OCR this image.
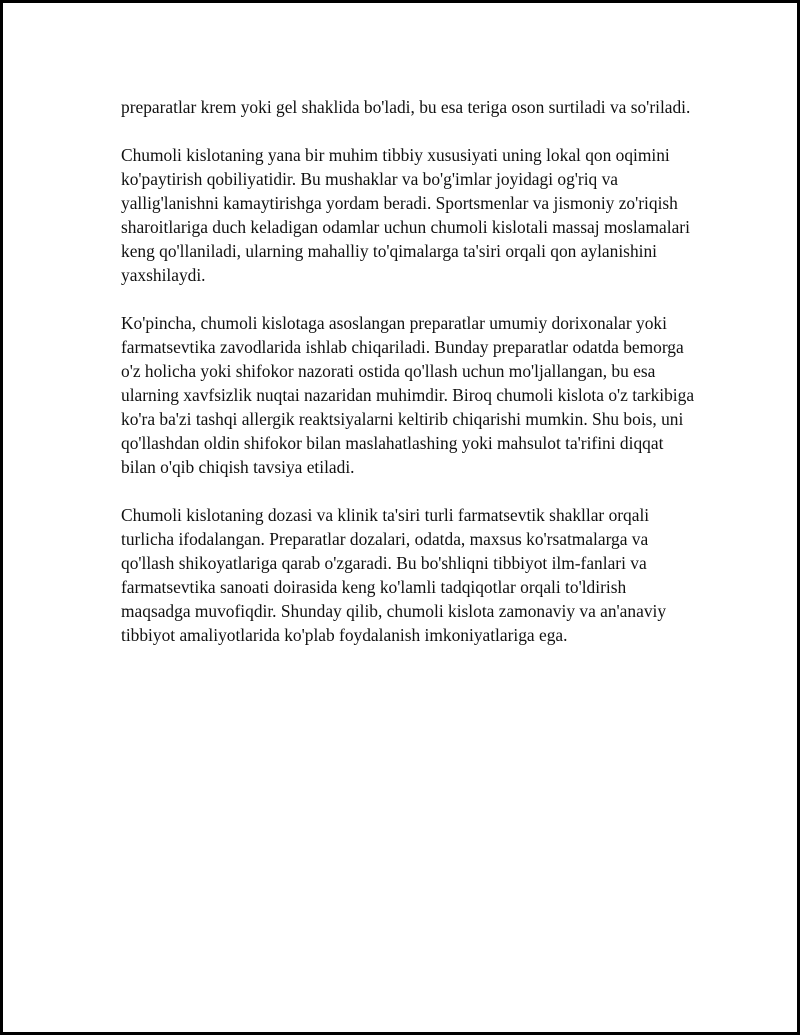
preparatlar krem yoki gel shaklida bo'ladi, bu esa teriga oson surtiladi va so'riladi.

Chumoli kislotaning yana bir muhim tibbiy xususiyati uning lokal qon oqimini ko'paytirish qobiliyatidir. Bu mushaklar va bo'g'imlar joyidagi og'riq va yallig'lanishni kamaytirishga yordam beradi. Sportsmenlar va jismoniy zo'riqish sharoitlariga duch keladigan odamlar uchun chumoli kislotali massaj moslamalari keng qo'llaniladi, ularning mahalliy to'qimalarga ta'siri orqali qon aylanishini yaxshilaydi.

Ko'pincha, chumoli kislotaga asoslangan preparatlar umumiy dorixonalar yoki farmatsevtika zavodlarida ishlab chiqariladi. Bunday preparatlar odatda bemorga o'z holicha yoki shifokor nazorati ostida qo'llash uchun mo'ljallangan, bu esa ularning xavfsizlik nuqtai nazaridan muhimdir. Biroq chumoli kislota o'z tarkibiga ko'ra ba'zi tashqi allergik reaktsiyalarni keltirib chiqarishi mumkin. Shu bois, uni qo'llashdan oldin shifokor bilan maslahatlashing yoki mahsulot ta'rifini diqqat bilan o'qib chiqish tavsiya etiladi.

Chumoli kislotaning dozasi va klinik ta'siri turli farmatsevtik shakllar orqali turlicha ifodalangan. Preparatlar dozalari, odatda, maxsus ko'rsatmalarga va qo'llash shikoyatlariga qarab o'zgaradi. Bu bo'shliqni tibbiyot ilm-fanlari va farmatsevtika sanoati doirasida keng ko'lamli tadqiqotlar orqali to'ldirish maqsadga muvofiqdir. Shunday qilib, chumoli kislota zamonaviy va an'anaviy tibbiyot amaliyotlarida ko'plab foydalanish imkoniyatlariga ega.
